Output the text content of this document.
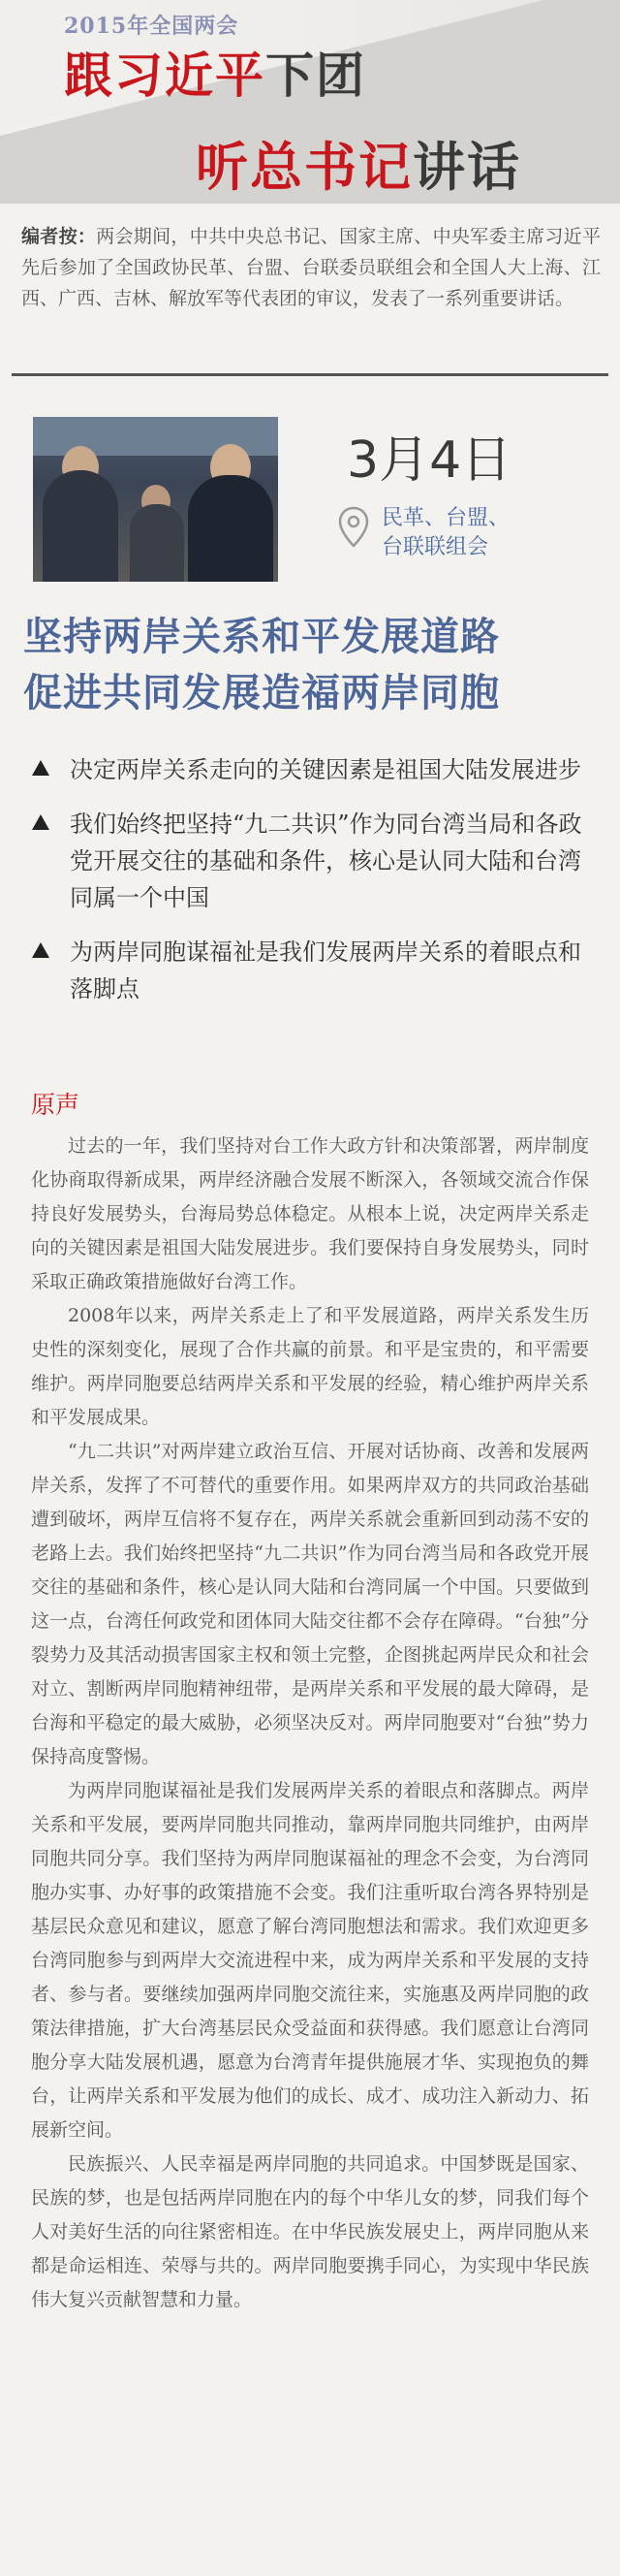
2015年全国两会
跟习近平下团
听总书记讲话
编者按：两会期间，中共中央总书记、国家主席、中央军委主席习近平先后参加了全国政协民革、台盟、台联委员联组会和全国人大上海、江西、广西、吉林、解放军等代表团的审议，发表了一系列重要讲话。
3月4日
民革、台盟、
台联联组会
坚持两岸关系和平发展道路
促进共同发展造福两岸同胞
决定两岸关系走向的关键因素是祖国大陆发展进步
我们始终把坚持“九二共识”作为同台湾当局和各政党开展交往的基础和条件，核心是认同大陆和台湾同属一个中国
为两岸同胞谋福祉是我们发展两岸关系的着眼点和落脚点
原声

过去的一年，我们坚持对台工作大政方针和决策部署，两岸制度化协商取得新成果，两岸经济融合发展不断深入，各领域交流合作保持良好发展势头，台海局势总体稳定。从根本上说，决定两岸关系走向的关键因素是祖国大陆发展进步。我们要保持自身发展势头，同时采取正确政策措施做好台湾工作。

2008年以来，两岸关系走上了和平发展道路，两岸关系发生历史性的深刻变化，展现了合作共赢的前景。和平是宝贵的，和平需要维护。两岸同胞要总结两岸关系和平发展的经验，精心维护两岸关系和平发展成果。

“九二共识”对两岸建立政治互信、开展对话协商、改善和发展两岸关系，发挥了不可替代的重要作用。如果两岸双方的共同政治基础遭到破坏，两岸互信将不复存在，两岸关系就会重新回到动荡不安的老路上去。我们始终把坚持“九二共识”作为同台湾当局和各政党开展交往的基础和条件，核心是认同大陆和台湾同属一个中国。只要做到这一点，台湾任何政党和团体同大陆交往都不会存在障碍。“台独”分裂势力及其活动损害国家主权和领土完整，企图挑起两岸民众和社会对立、割断两岸同胞精神纽带，是两岸关系和平发展的最大障碍，是台海和平稳定的最大威胁，必须坚决反对。两岸同胞要对“台独”势力保持高度警惕。

为两岸同胞谋福祉是我们发展两岸关系的着眼点和落脚点。两岸关系和平发展，要两岸同胞共同推动，靠两岸同胞共同维护，由两岸同胞共同分享。我们坚持为两岸同胞谋福祉的理念不会变，为台湾同胞办实事、办好事的政策措施不会变。我们注重听取台湾各界特别是基层民众意见和建议，愿意了解台湾同胞想法和需求。我们欢迎更多台湾同胞参与到两岸大交流进程中来，成为两岸关系和平发展的支持者、参与者。要继续加强两岸同胞交流往来，实施惠及两岸同胞的政策法律措施，扩大台湾基层民众受益面和获得感。我们愿意让台湾同胞分享大陆发展机遇，愿意为台湾青年提供施展才华、实现抱负的舞台，让两岸关系和平发展为他们的成长、成才、成功注入新动力、拓展新空间。

民族振兴、人民幸福是两岸同胞的共同追求。中国梦既是国家、民族的梦，也是包括两岸同胞在内的每个中华儿女的梦，同我们每个人对美好生活的向往紧密相连。在中华民族发展史上，两岸同胞从来都是命运相连、荣辱与共的。两岸同胞要携手同心，为实现中华民族伟大复兴贡献智慧和力量。
